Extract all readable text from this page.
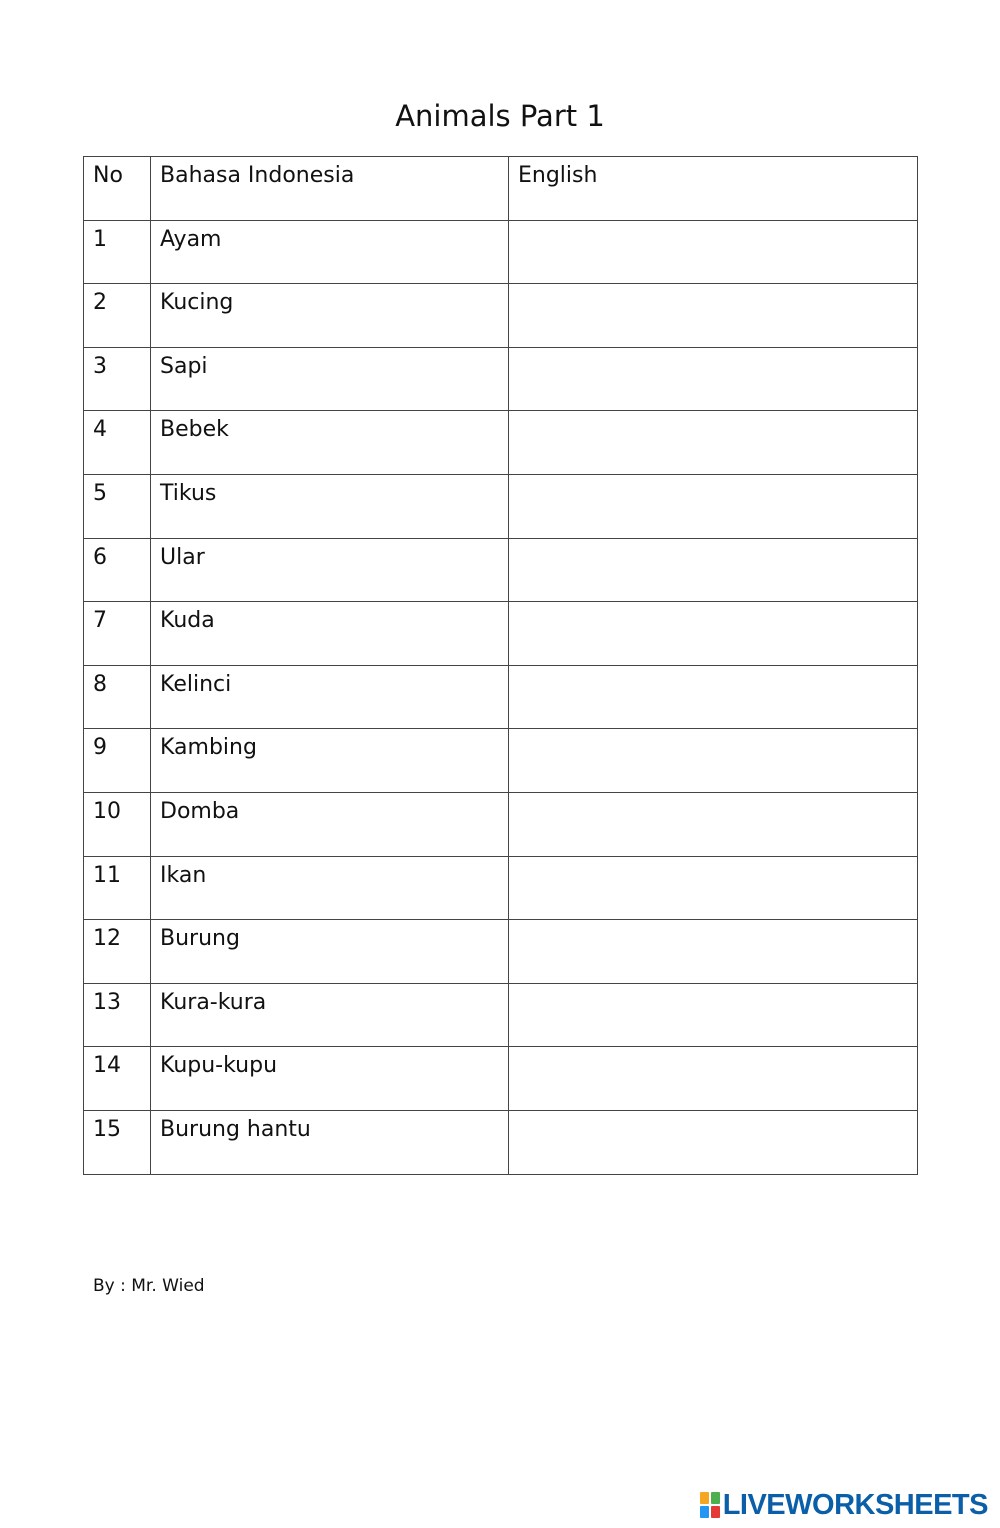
Animals Part 1
No	Bahasa Indonesia	English
1	Ayam	
2	Kucing	
3	Sapi	
4	Bebek	
5	Tikus	
6	Ular	
7	Kuda	
8	Kelinci	
9	Kambing	
10	Domba	
11	Ikan	
12	Burung	
13	Kura-kura	
14	Kupu-kupu	
15	Burung hantu	
By : Mr. Wied
LIVEWORKSHEETS
